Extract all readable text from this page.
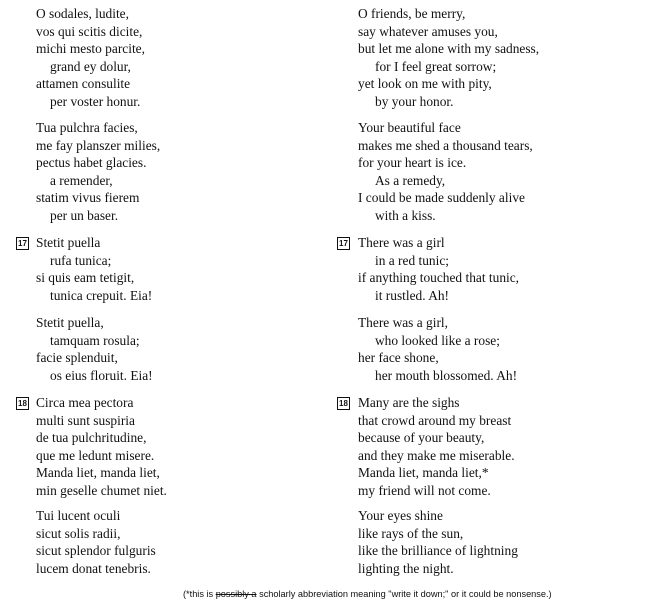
O sodales, ludite,
vos qui scitis dicite,
michi mesto parcite,
grand ey dolur,
attamen consulite
per voster honur.
Tua pulchra facies,
me fay planszer milies,
pectus habet glacies.
a remender,
statim vivus fierem
per un baser.
17 Stetit puella
rufa tunica;
si quis eam tetigit,
tunica crepuit. Eia!
Stetit puella,
tamquam rosula;
facie splenduit,
os eius floruit. Eia!
18 Circa mea pectora
multi sunt suspiria
de tua pulchritudine,
que me ledunt misere.
Manda liet, manda liet,
min geselle chumet niet.
Tui lucent oculi
sicut solis radii,
sicut splendor fulguris
lucem donat tenebris.
O friends, be merry,
say whatever amuses you,
but let me alone with my sadness,
for I feel great sorrow;
yet look on me with pity,
by your honor.
Your beautiful face
makes me shed a thousand tears,
for your heart is ice.
As a remedy,
I could be made suddenly alive
with a kiss.
17 There was a girl
in a red tunic;
if anything touched that tunic,
it rustled. Ah!
There was a girl,
who looked like a rose;
her face shone,
her mouth blossomed. Ah!
18 Many are the sighs
that crowd around my breast
because of your beauty,
and they make me miserable.
Manda liet, manda liet,*
my friend will not come.
Your eyes shine
like rays of the sun,
like the brilliance of lightning
lighting the night.
(*this is possibly a scholarly abbreviation meaning "write it down;" or it could be nonsense.)
